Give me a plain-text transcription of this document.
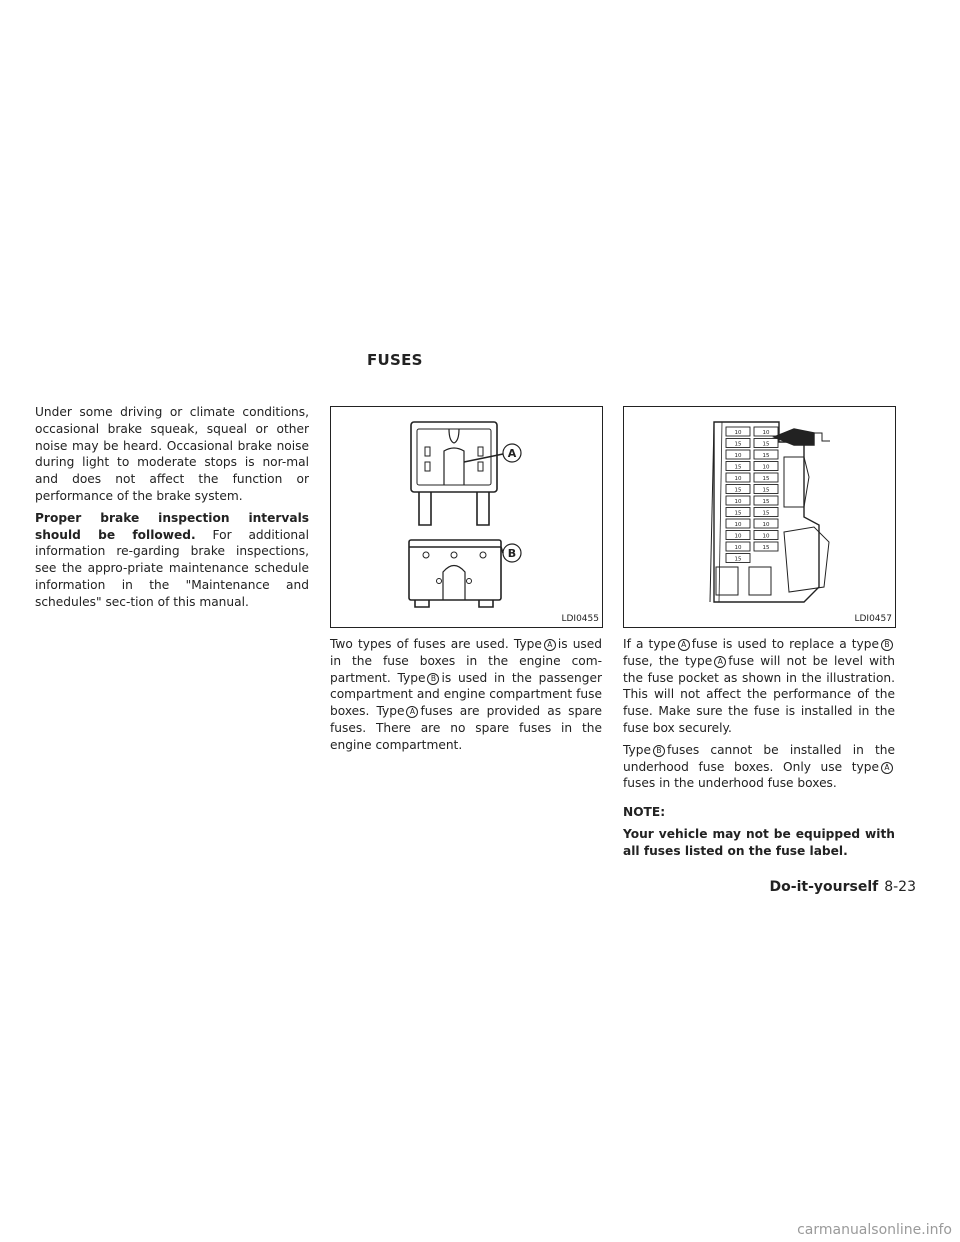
FUSES

Under some driving or climate conditions, occasional brake squeak, squeal or other noise may be heard. Occasional brake noise during light to moderate stops is nor-mal and does not affect the function or performance of the brake system.

Proper brake inspection intervals should be followed. For additional information re-garding brake inspections, see the appro-priate maintenance schedule information in the "Maintenance and schedules" sec-tion of this manual.

A
B
LDI0455
10
15
10
15
10
15
10
15
10
10
10
15
10
15
15
10
15
15
15
15
10
10
15
LDI0457

Two types of fuses are used. Type A is used in the fuse boxes in the engine com-partment. Type B is used in the passenger compartment and engine compartment fuse boxes. Type A fuses are provided as spare fuses. There are no spare fuses in the engine compartment.

If a type A fuse is used to replace a type Bfuse, the type A fuse will not be level with the fuse pocket as shown in the illustration. This will not affect the performance of the fuse. Make sure the fuse is installed in the fuse box securely.

Type B fuses cannot be installed in the underhood fuse boxes. Only use type Afuses in the underhood fuse boxes.

NOTE:

Your vehicle may not be equipped with all fuses listed on the fuse label.

Do-it-yourself 8-23
carmanualsonline.info
